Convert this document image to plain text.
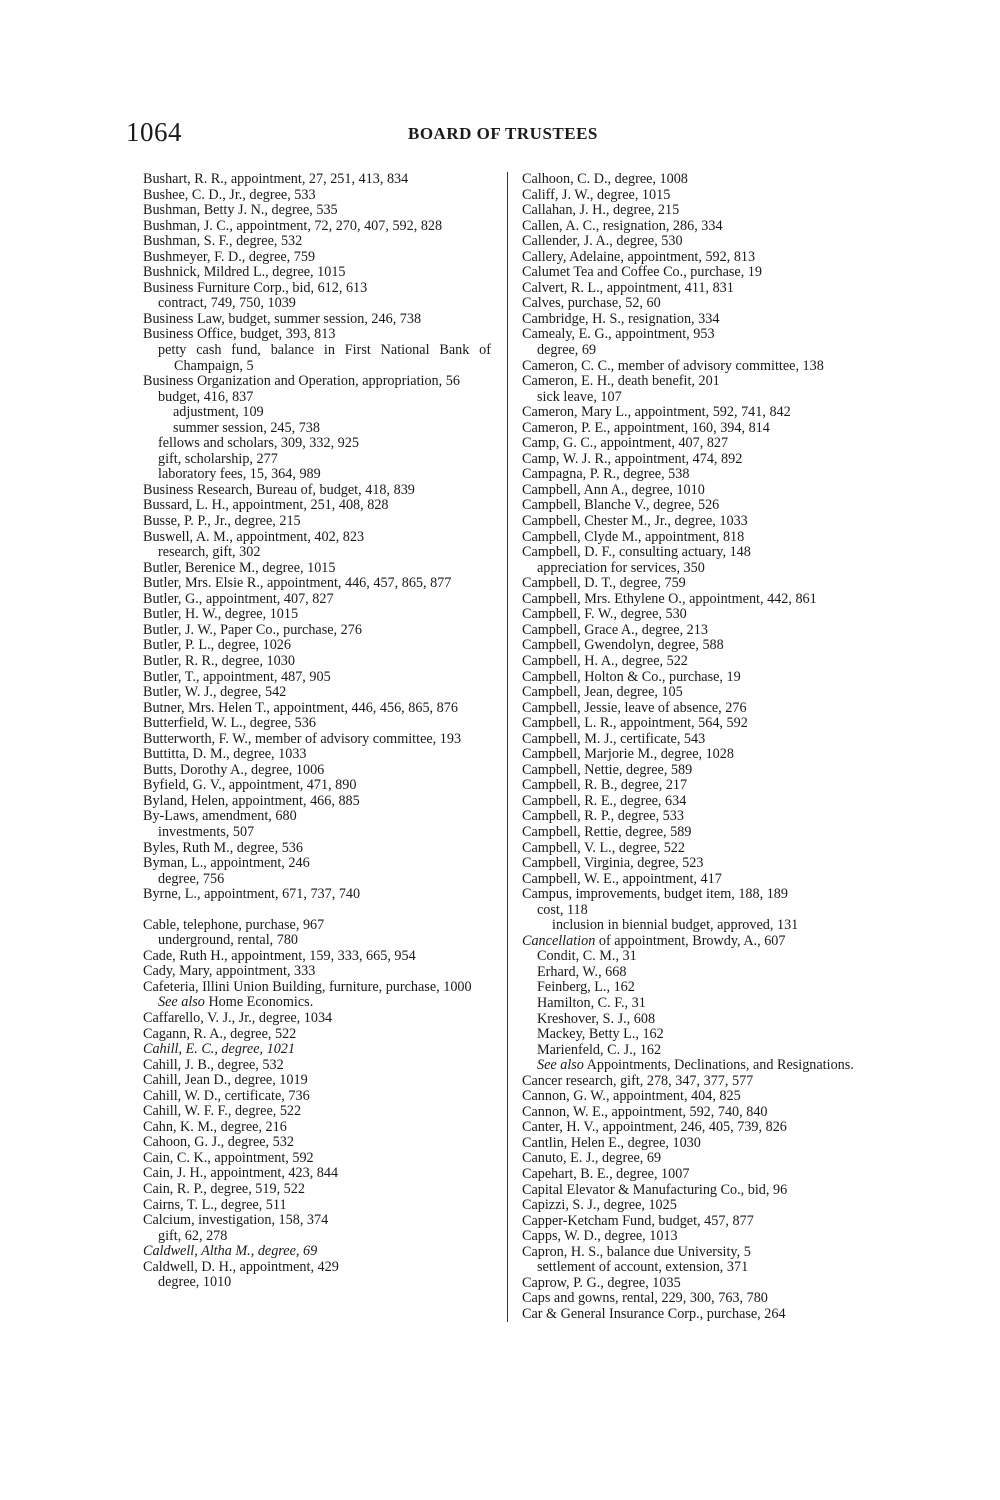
1064	BOARD OF TRUSTEES
Bushart, R. R., appointment, 27, 251, 413, 834
Bushee, C. D., Jr., degree, 533
Bushman, Betty J. N., degree, 535
Bushman, J. C., appointment, 72, 270, 407, 592, 828
Bushman, S. F., degree, 532
Bushmeyer, F. D., degree, 759
Bushnick, Mildred L., degree, 1015
Business Furniture Corp., bid, 612, 613
contract, 749, 750, 1039
Business Law, budget, summer session, 246, 738
Business Office, budget, 393, 813
petty cash fund, balance in First National Bank of Champaign, 5
Business Organization and Operation, appropriation, 56
budget, 416, 837
adjustment, 109
summer session, 245, 738
fellows and scholars, 309, 332, 925
gift, scholarship, 277
laboratory fees, 15, 364, 989
Business Research, Bureau of, budget, 418, 839
Bussard, L. H., appointment, 251, 408, 828
Busse, P. P., Jr., degree, 215
Buswell, A. M., appointment, 402, 823
research, gift, 302
Butler, Berenice M., degree, 1015
Butler, Mrs. Elsie R., appointment, 446, 457, 865, 877
Butler, G., appointment, 407, 827
Butler, H. W., degree, 1015
Butler, J. W., Paper Co., purchase, 276
Butler, P. L., degree, 1026
Butler, R. R., degree, 1030
Butler, T., appointment, 487, 905
Butler, W. J., degree, 542
Butner, Mrs. Helen T., appointment, 446, 456, 865, 876
Butterfield, W. L., degree, 536
Butterworth, F. W., member of advisory committee, 193
Buttitta, D. M., degree, 1033
Butts, Dorothy A., degree, 1006
Byfield, G. V., appointment, 471, 890
Byland, Helen, appointment, 466, 885
By-Laws, amendment, 680
investments, 507
Byles, Ruth M., degree, 536
Byman, L., appointment, 246
degree, 756
Byrne, L., appointment, 671, 737, 740
Cable, telephone, purchase, 967
underground, rental, 780
Cade, Ruth H., appointment, 159, 333, 665, 954
Cady, Mary, appointment, 333
Cafeteria, Illini Union Building, furniture, purchase, 1000
See also Home Economics.
Caffarello, V. J., Jr., degree, 1034
Cagann, R. A., degree, 522
Cahill, E. C., degree, 1021
Cahill, J. B., degree, 532
Cahill, Jean D., degree, 1019
Cahill, W. D., certificate, 736
Cahill, W. F. F., degree, 522
Cahn, K. M., degree, 216
Cahoon, G. J., degree, 532
Cain, C. K., appointment, 592
Cain, J. H., appointment, 423, 844
Cain, R. P., degree, 519, 522
Cairns, T. L., degree, 511
Calcium, investigation, 158, 374
gift, 62, 278
Caldwell, Altha M., degree, 69
Caldwell, D. H., appointment, 429
degree, 1010
Calhoon, C. D., degree, 1008
Califf, J. W., degree, 1015
Callahan, J. H., degree, 215
Callen, A. C., resignation, 286, 334
Callender, J. A., degree, 530
Callery, Adelaine, appointment, 592, 813
Calumet Tea and Coffee Co., purchase, 19
Calvert, R. L., appointment, 411, 831
Calves, purchase, 52, 60
Cambridge, H. S., resignation, 334
Camealy, E. G., appointment, 953
degree, 69
Cameron, C. C., member of advisory committee, 138
Cameron, E. H., death benefit, 201
sick leave, 107
Cameron, Mary L., appointment, 592, 741, 842
Cameron, P. E., appointment, 160, 394, 814
Camp, G. C., appointment, 407, 827
Camp, W. J. R., appointment, 474, 892
Campagna, P. R., degree, 538
Campbell, Ann A., degree, 1010
Campbell, Blanche V., degree, 526
Campbell, Chester M., Jr., degree, 1033
Campbell, Clyde M., appointment, 818
Campbell, D. F., consulting actuary, 148
appreciation for services, 350
Campbell, D. T., degree, 759
Campbell, Mrs. Ethylene O., appointment, 442, 861
Campbell, F. W., degree, 530
Campbell, Grace A., degree, 213
Campbell, Gwendolyn, degree, 588
Campbell, H. A., degree, 522
Campbell, Holton & Co., purchase, 19
Campbell, Jean, degree, 105
Campbell, Jessie, leave of absence, 276
Campbell, L. R., appointment, 564, 592
Campbell, M. J., certificate, 543
Campbell, Marjorie M., degree, 1028
Campbell, Nettie, degree, 589
Campbell, R. B., degree, 217
Campbell, R. E., degree, 634
Campbell, R. P., degree, 533
Campbell, Rettie, degree, 589
Campbell, V. L., degree, 522
Campbell, Virginia, degree, 523
Campbell, W. E., appointment, 417
Campus, improvements, budget item, 188, 189
cost, 118
inclusion in biennial budget, approved, 131
Cancellation of appointment, Browdy, A., 607
Condit, C. M., 31
Erhard, W., 668
Feinberg, L., 162
Hamilton, C. F., 31
Kreshover, S. J., 608
Mackey, Betty L., 162
Marienfeld, C. J., 162
See also Appointments, Declinations, and Resignations.
Cancer research, gift, 278, 347, 377, 577
Cannon, G. W., appointment, 404, 825
Cannon, W. E., appointment, 592, 740, 840
Canter, H. V., appointment, 246, 405, 739, 826
Cantlin, Helen E., degree, 1030
Canuto, E. J., degree, 69
Capehart, B. E., degree, 1007
Capital Elevator & Manufacturing Co., bid, 96
Capizzi, S. J., degree, 1025
Capper-Ketcham Fund, budget, 457, 877
Capps, W. D., degree, 1013
Capron, H. S., balance due University, 5
settlement of account, extension, 371
Caprow, P. G., degree, 1035
Caps and gowns, rental, 229, 300, 763, 780
Car & General Insurance Corp., purchase, 264
